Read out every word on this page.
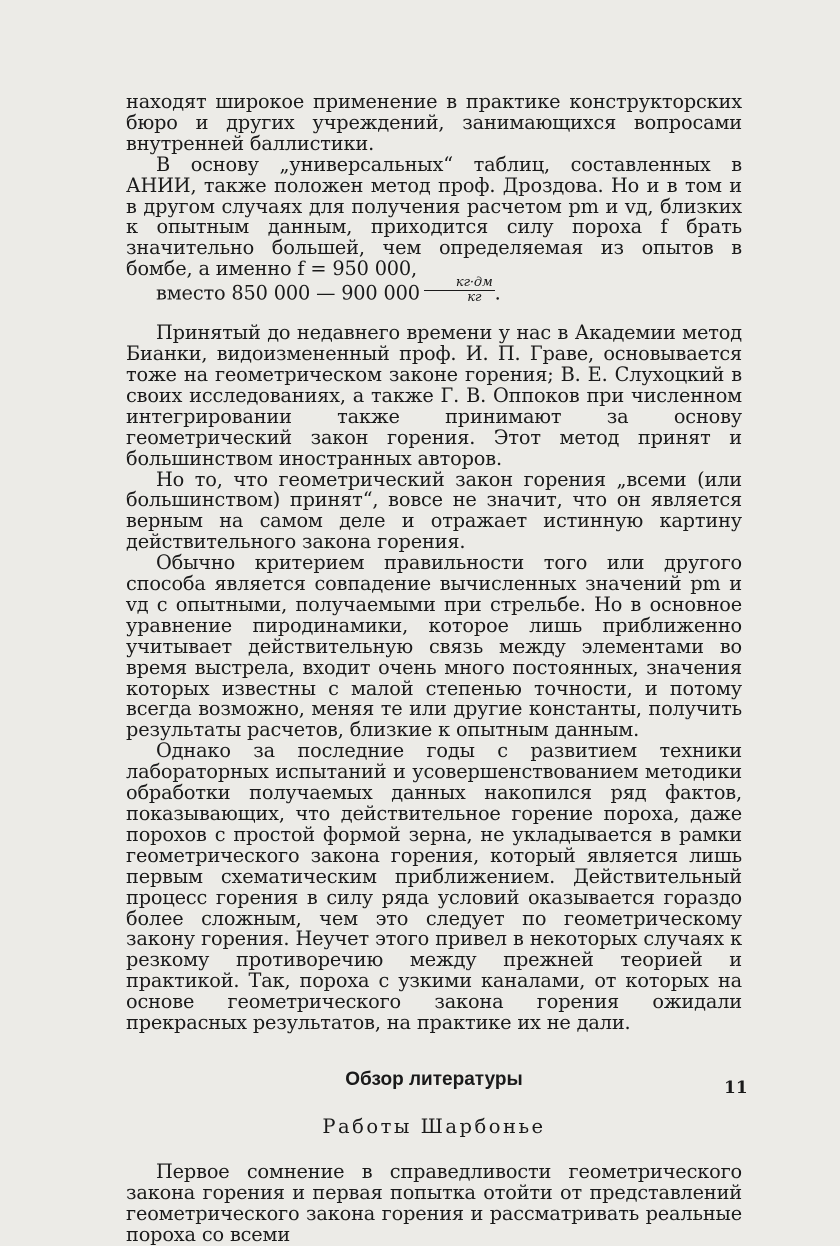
находят широкое применение в практике конструкторских бюро и других учреждений, занимающихся вопросами внутренней баллистики.

В основу „универсальных“ таблиц, составленных в АНИИ, также положен метод проф. Дроздова. Но и в том и в другом случаях для получения расчетом pm и vд, близких к опытным данным, приходится силу пороха f брать значительно большей, чем определяемая из опытов в бомбе, а именно f = 950 000,
вместо 850 000 — 900 $000 \frac{кг\cdot дм}{кг}$ .

Принятый до недавнего времени у нас в Академии метод Бианки, видоизмененный проф. И. П. Граве, основывается тоже на геометрическом законе горения; В. Е. Слухоцкий в своих исследованиях, а также Г. В. Оппоков при численном интегрировании также принимают за основу геометрический закон горения. Этот метод принят и большинством иностранных авторов.

Но то, что геометрический закон горения „всеми (или большинством) принят“, вовсе не значит, что он является верным на самом деле и отражает истинную картину действительного закона горения.

Обычно критерием правильности того или другого способа является совпадение вычисленных значений pm и vд с опытными, получаемыми при стрельбе. Но в основное уравнение пиродинамики, которое лишь приближенно учитывает действительную связь между элементами во время выстрела, входит очень много постоянных, значения которых известны с малой степенью точности, и потому всегда возможно, меняя те или другие константы, получить результаты расчетов, близкие к опытным данным.

Однако за последние годы с развитием техники лабораторных испытаний и усовершенствованием методики обработки получаемых данных накопился ряд фактов, показывающих, что действительное горение пороха, даже порохов с простой формой зерна, не укладывается в рамки геометрического закона горения, который является лишь первым схематическим приближением. Действительный процесс горения в силу ряда условий оказывается гораздо более сложным, чем это следует по геометрическому закону горения. Неучет этого привел в некоторых случаях к резкому противоречию между прежней теорией и практикой. Так, пороха с узкими каналами, от которых на основе геометрического закона горения ожидали прекрасных результатов, на практике их не дали.

Обзор литературы
Работы Шарбонье

Первое сомнение в справедливости геометрического закона горения и первая попытка отойти от представлений геометрического закона горения и рассматривать реальные пороха со всеми

11
